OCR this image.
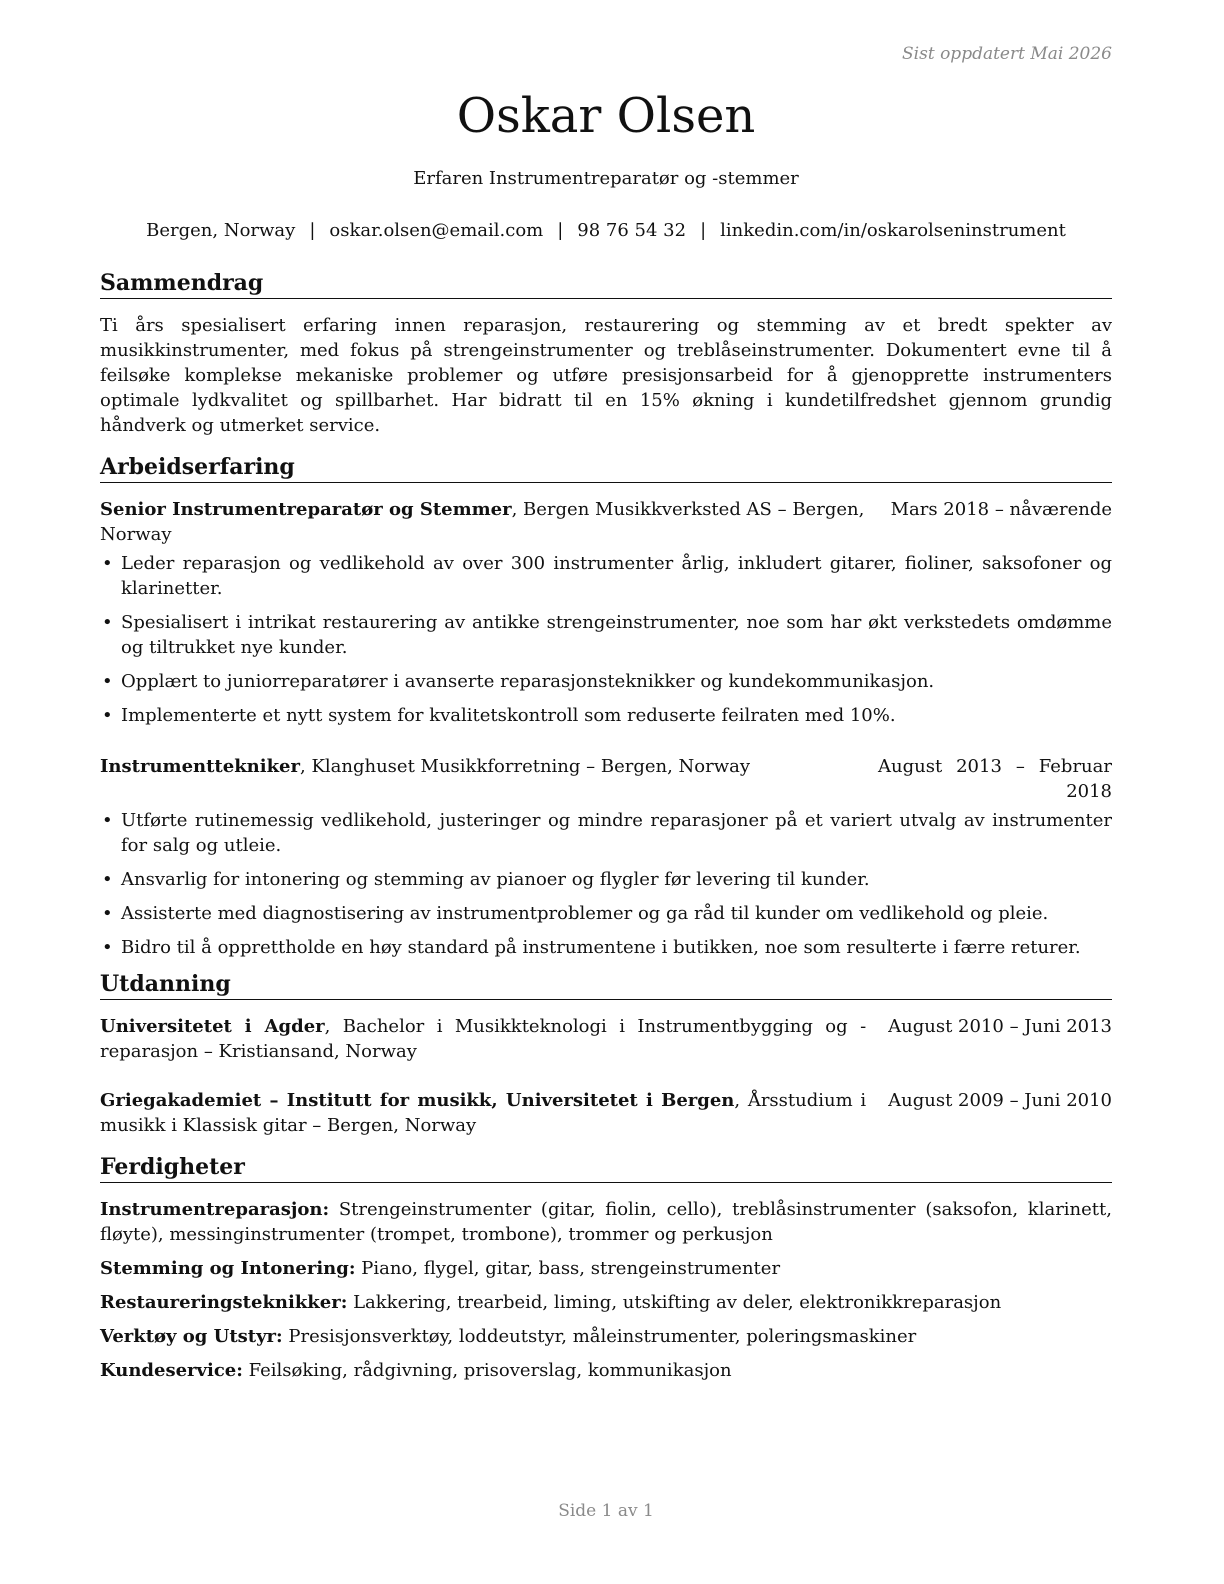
Sist oppdatert Mai 2026
Oskar Olsen
Erfaren Instrumentreparatør og -stemmer
Bergen, Norway | oskar.olsen@email.com | 98 76 54 32 | linkedin.com/in/oskarolseninstrument
Sammendrag
Ti års spesialisert erfaring innen reparasjon, restaurering og stemming av et bredt spekter av musikkinstrumenter, med fokus på strengeinstrumenter og treblåseinstrumenter. Dokumentert evne til å feilsøke komplekse mekaniske problemer og utføre presisjonsarbeid for å gjenopprette instrumenters optimale lydkvalitet og spillbarhet. Har bidratt til en 15% økning i kundetilfredshet gjennom grundig håndverk og utmerket service.
Arbeidserfaring
Senior Instrumentreparatør og Stemmer, Bergen Musikkverksted AS – Bergen, Norway
Mars 2018 – nåværende
• Leder reparasjon og vedlikehold av over 300 instrumenter årlig, inkludert gitarer, fioliner, saksofoner og klarinetter.
• Spesialisert i intrikat restaurering av antikke strengeinstrumenter, noe som har økt verkstedets omdømme og tiltrukket nye kunder.
• Opplært to juniorreparatører i avanserte reparasjonsteknikker og kundekommunikasjon.
• Implementerte et nytt system for kvalitetskontroll som reduserte feilraten med 10%.
Instrumenttekniker, Klanghuset Musikkforretning – Bergen, Norway	August 2013 – Februar 2018
• Utførte rutinemessig vedlikehold, justeringer og mindre reparasjoner på et variert utvalg av instrumenter for salg og utleie.
• Ansvarlig for intonering og stemming av pianoer og flygler før levering til kunder.
• Assisterte med diagnostisering av instrumentproblemer og ga råd til kunder om vedlikehold og pleie.
• Bidro til å opprettholde en høy standard på instrumentene i butikken, noe som resulterte i færre returer.
Utdanning
Universitetet i Agder, Bachelor i Musikkteknologi i Instrumentbygging og -reparasjon – Kristiansand, Norway
August 2010 – Juni 2013
Griegakademiet – Institutt for musikk, Universitetet i Bergen, Årsstudium i musikk i Klassisk gitar – Bergen, Norway
August 2009 – Juni 2010
Ferdigheter
Instrumentreparasjon: Strengeinstrumenter (gitar, fiolin, cello), treblåsinstrumenter (saksofon, klarinett, fløyte), messinginstrumenter (trompet, trombone), trommer og perkusjon
Stemming og Intonering: Piano, flygel, gitar, bass, strengeinstrumenter
Restaureringsteknikker: Lakkering, trearbeid, liming, utskifting av deler, elektronikkreparasjon
Verktøy og Utstyr: Presisjonsverktøy, loddeutstyr, måleinstrumenter, poleringsmaskiner
Kundeservice: Feilsøking, rådgivning, prisoverslag, kommunikasjon
Side 1 av 1
